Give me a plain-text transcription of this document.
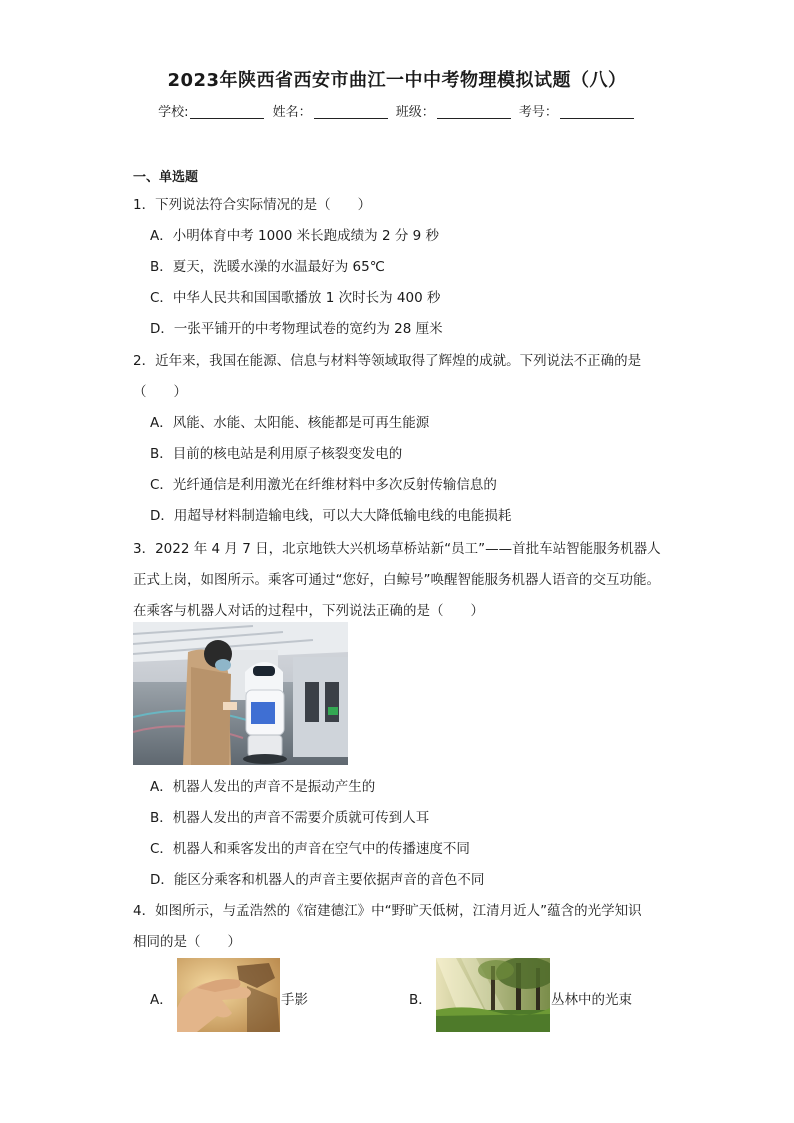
2023年陕西省西安市曲江一中中考物理模拟试题（八）
学校:	姓名：	班级：	考号：
一、单选题
1．下列说法符合实际情况的是（　　）
A．小明体育中考 1000 米长跑成绩为 2 分 9 秒
B．夏天，洗暖水澡的水温最好为 65℃
C．中华人民共和国国歌播放 1 次时长为 400 秒
D．一张平铺开的中考物理试卷的宽约为 28 厘米
2．近年来，我国在能源、信息与材料等领域取得了辉煌的成就。下列说法不正确的是
（　　）
A．风能、水能、太阳能、核能都是可再生能源
B．目前的核电站是利用原子核裂变发电的
C．光纤通信是利用激光在纤维材料中多次反射传输信息的
D．用超导材料制造输电线，可以大大降低输电线的电能损耗
3．2022 年 4 月 7 日，北京地铁大兴机场草桥站新“员工”——首批车站智能服务机器人
正式上岗，如图所示。乘客可通过“您好，白鲸号”唤醒智能服务机器人语音的交互功能。
在乘客与机器人对话的过程中，下列说法正确的是（　　）
A．机器人发出的声音不是振动产生的
B．机器人发出的声音不需要介质就可传到人耳
C．机器人和乘客发出的声音在空气中的传播速度不同
D．能区分乘客和机器人的声音主要依据声音的音色不同
4．如图所示，与孟浩然的《宿建德江》中“野旷天低树，江清月近人”蕴含的光学知识
相同的是（　　）
A．	手影	B．	丛林中的光束
